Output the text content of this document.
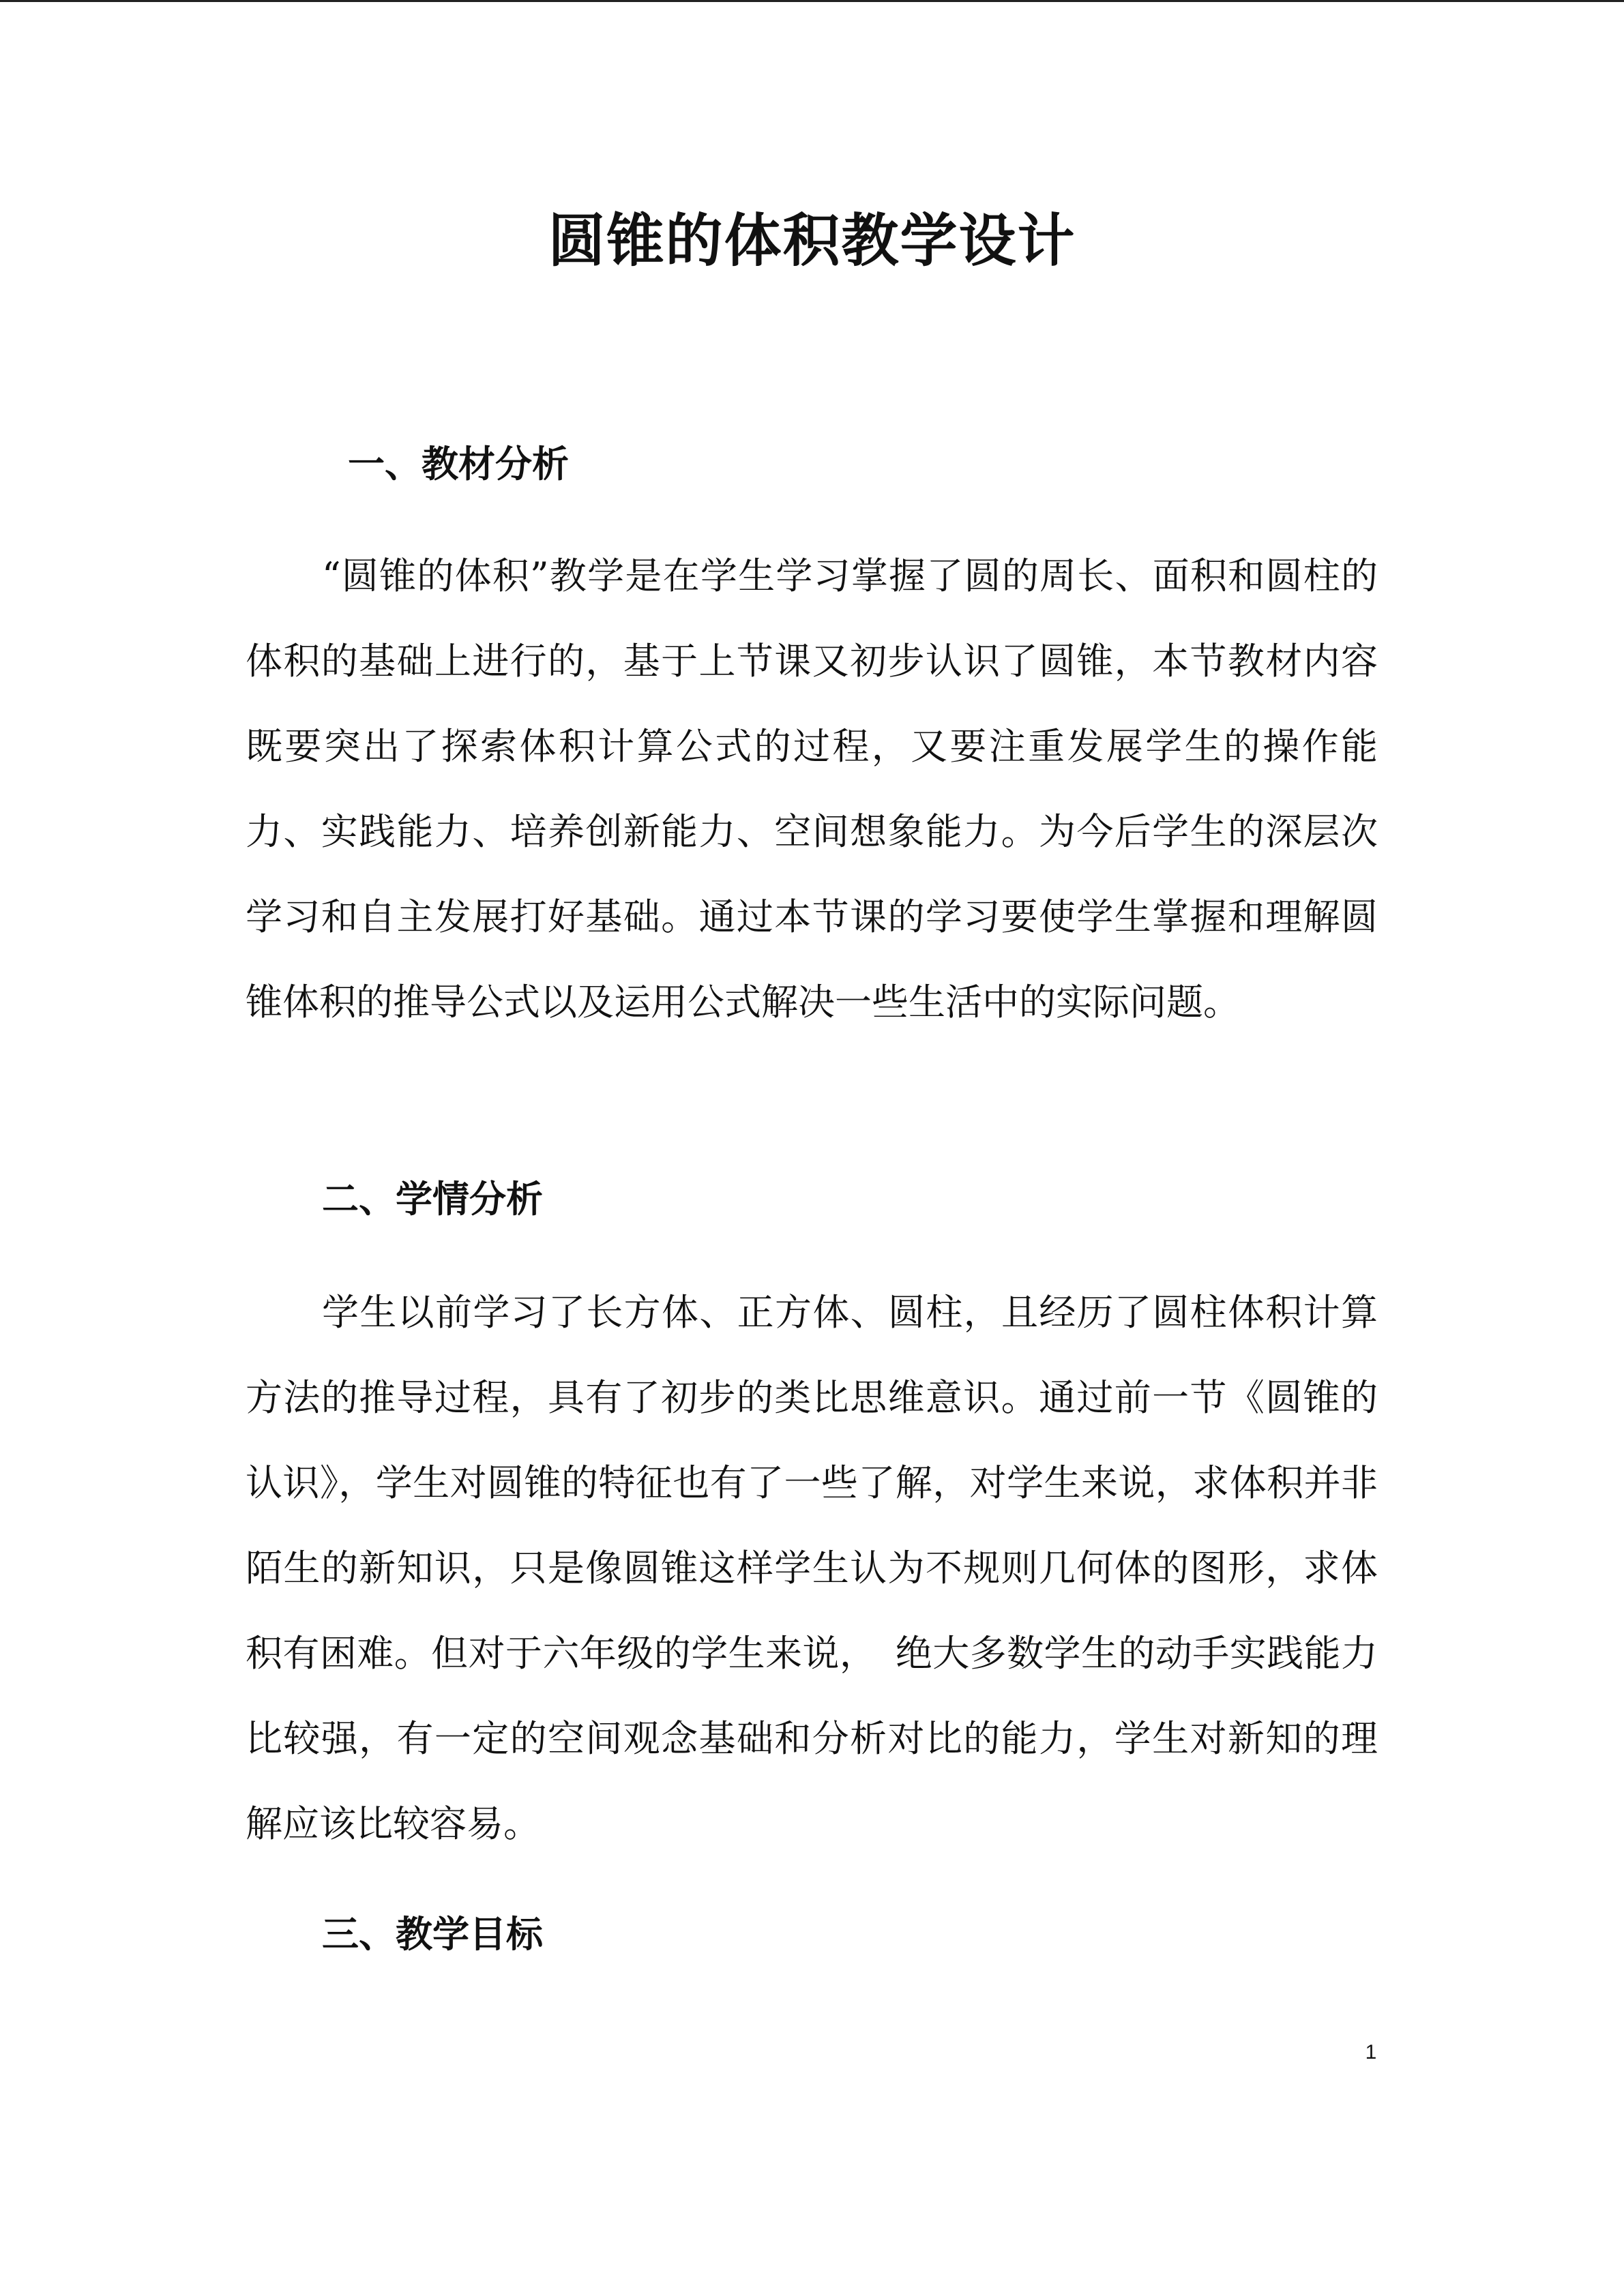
圆锥的体积教学设计
一、教材分析

“圆锥的体积”教学是在学生学习掌握了圆的周长、面积和圆柱的体积的基础上进行的，基于上节课又初步认识了圆锥，本节教材内容既要突出了探索体积计算公式的过程，又要注重发展学生的操作能力、实践能力、培养创新能力、空间想象能力。为今后学生的深层次学习和自主发展打好基础。通过本节课的学习要使学生掌握和理解圆锥体积的推导公式以及运用公式解决一些生活中的实际问题。

二、学情分析

学生以前学习了长方体、正方体、圆柱，且经历了圆柱体积计算方法的推导过程，具有了初步的类比思维意识。通过前一节《圆锥的认识》，学生对圆锥的特征也有了一些了解，对学生来说，求体积并非陌生的新知识，只是像圆锥这样学生认为不规则几何体的图形，求体积有困难。但对于六年级的学生来说，　绝大多数学生的动手实践能力比较强，有一定的空间观念基础和分析对比的能力，学生对新知的理解应该比较容易。

三、教学目标
1
